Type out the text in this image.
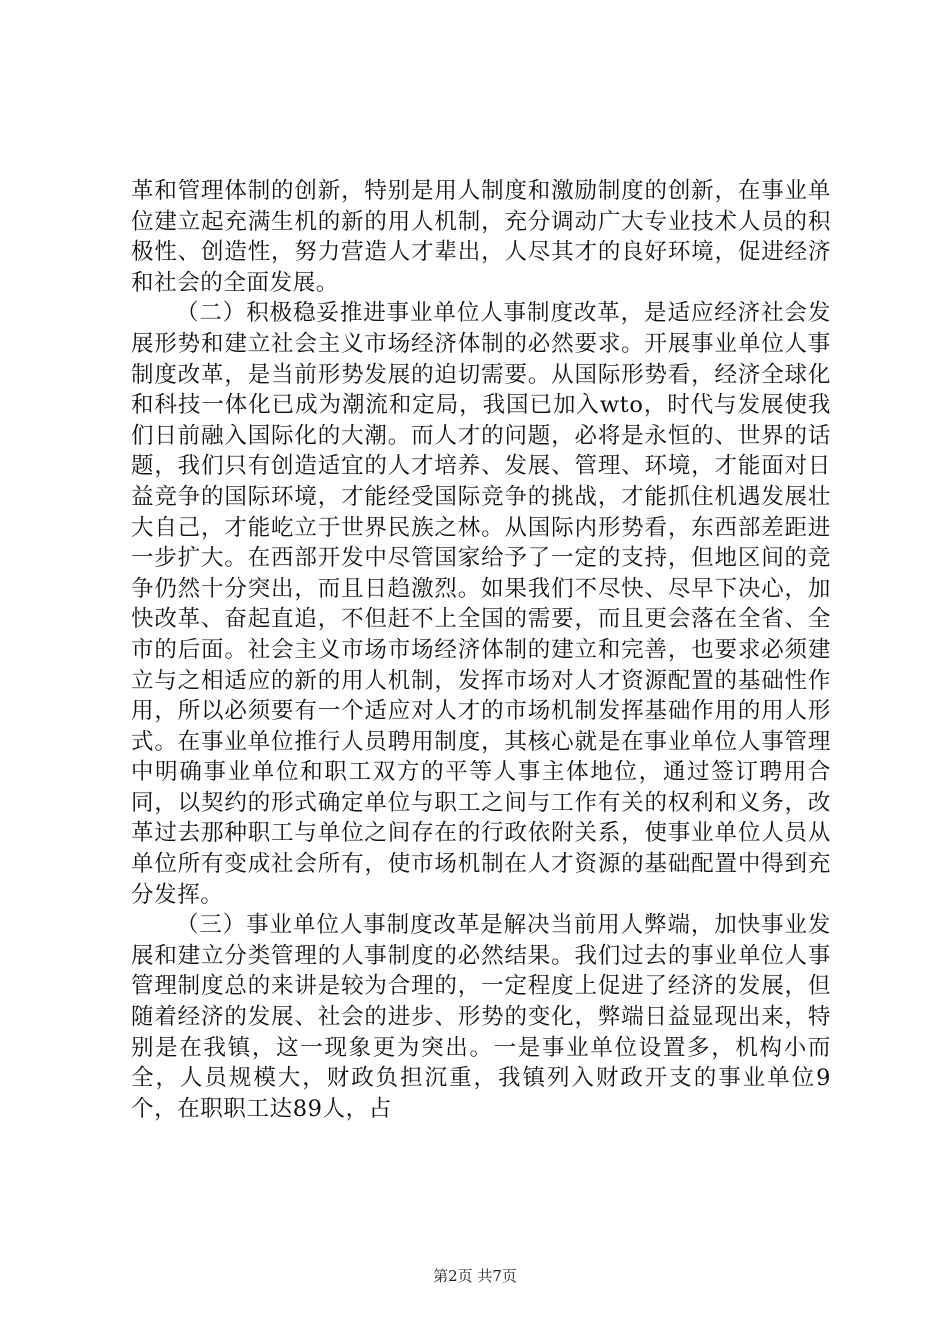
革和管理体制的创新，特别是用人制度和激励制度的创新，在事业单位建立起充满生机的新的用人机制，充分调动广大专业技术人员的积极性、创造性，努力营造人才辈出，人尽其才的良好环境，促进经济和社会的全面发展。

（二）积极稳妥推进事业单位人事制度改革，是适应经济社会发展形势和建立社会主义市场经济体制的必然要求。开展事业单位人事制度改革，是当前形势发展的迫切需要。从国际形势看，经济全球化和科技一体化已成为潮流和定局，我国已加入wto，时代与发展使我们日前融入国际化的大潮。而人才的问题，必将是永恒的、世界的话题，我们只有创造适宜的人才培养、发展、管理、环境，才能面对日益竞争的国际环境，才能经受国际竞争的挑战，才能抓住机遇发展壮大自己，才能屹立于世界民族之林。从国际内形势看，东西部差距进一步扩大。在西部开发中尽管国家给予了一定的支持，但地区间的竞争仍然十分突出，而且日趋激烈。如果我们不尽快、尽早下决心，加快改革、奋起直追，不但赶不上全国的需要，而且更会落在全省、全市的后面。社会主义市场市场经济体制的建立和完善，也要求必须建立与之相适应的新的用人机制，发挥市场对人才资源配置的基础性作用，所以必须要有一个适应对人才的市场机制发挥基础作用的用人形式。在事业单位推行人员聘用制度，其核心就是在事业单位人事管理中明确事业单位和职工双方的平等人事主体地位，通过签订聘用合同，以契约的形式确定单位与职工之间与工作有关的权利和义务，改革过去那种职工与单位之间存在的行政依附关系，使事业单位人员从单位所有变成社会所有，使市场机制在人才资源的基础配置中得到充分发挥。

（三）事业单位人事制度改革是解决当前用人弊端，加快事业发展和建立分类管理的人事制度的必然结果。我们过去的事业单位人事管理制度总的来讲是较为合理的，一定程度上促进了经济的发展，但随着经济的发展、社会的进步、形势的变化，弊端日益显现出来，特别是在我镇，这一现象更为突出。一是事业单位设置多，机构小而全，人员规模大，财政负担沉重，我镇列入财政开支的事业单位9个，在职职工达89人，占

第2页 共7页
